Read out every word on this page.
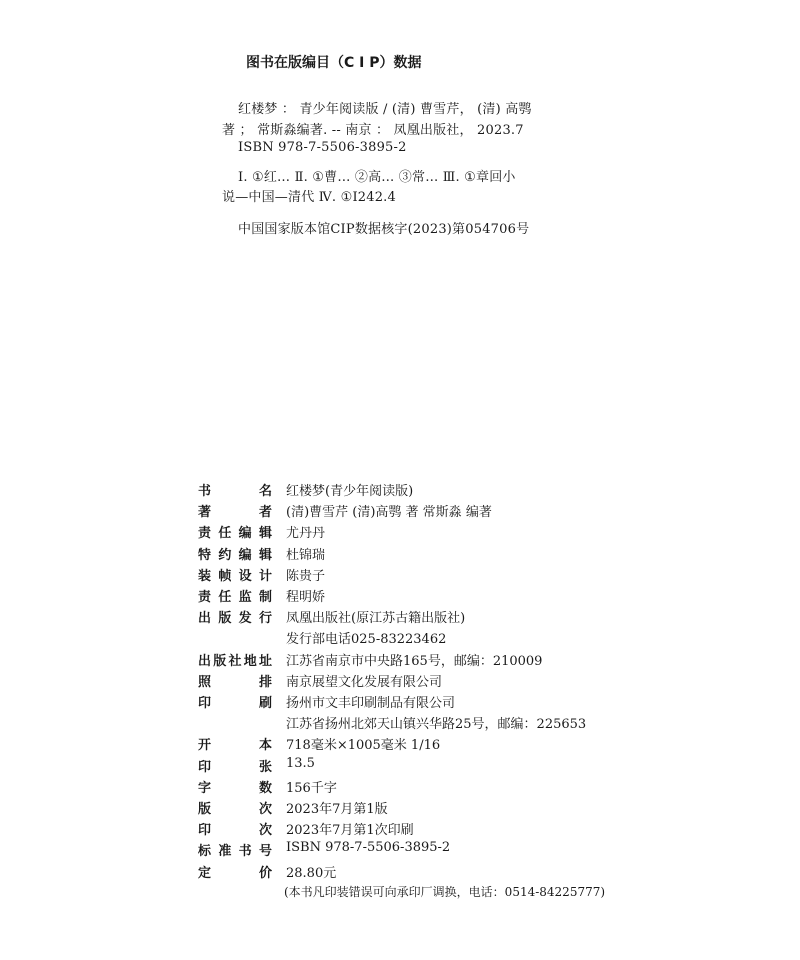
图书在版编目（C I P）数据
红楼梦 ： 青少年阅读版 / (清) 曹雪芹， (清) 高鹗
著 ； 常斯淼编著. -- 南京 ： 凤凰出版社， 2023.7
ISBN 978-7-5506-3895-2
Ⅰ. ①红… Ⅱ. ①曹… ②高… ③常… Ⅲ. ①章回小
说—中国—清代 Ⅳ. ①I242.4
中国国家版本馆CIP数据核字(2023)第054706号
书	名 红楼梦(青少年阅读版)
著	者 (清)曹雪芹 (清)高鹗 著 常斯淼 编著
责 任 编 辑 尤丹丹
特 约 编 辑 杜锦瑞
装 帧 设 计 陈贵子
责 任 监 制 程明娇
出 版 发 行 凤凰出版社(原江苏古籍出版社)
发行部电话025-83223462
出 版 社 地 址 江苏省南京市中央路165号，邮编：210009
照	排 南京展望文化发展有限公司
印	刷 扬州市文丰印刷制品有限公司
江苏省扬州北郊天山镇兴华路25号，邮编：225653
开	本 718毫米×1005毫米 1/16
印	张 13.5
字	数 156千字
版	次 2023年7月第1版
印	次 2023年7月第1次印刷
标 准 书 号 ISBN 978-7-5506-3895-2
定	价 28.80元
(本书凡印装错误可向承印厂调换，电话：0514-84225777)
